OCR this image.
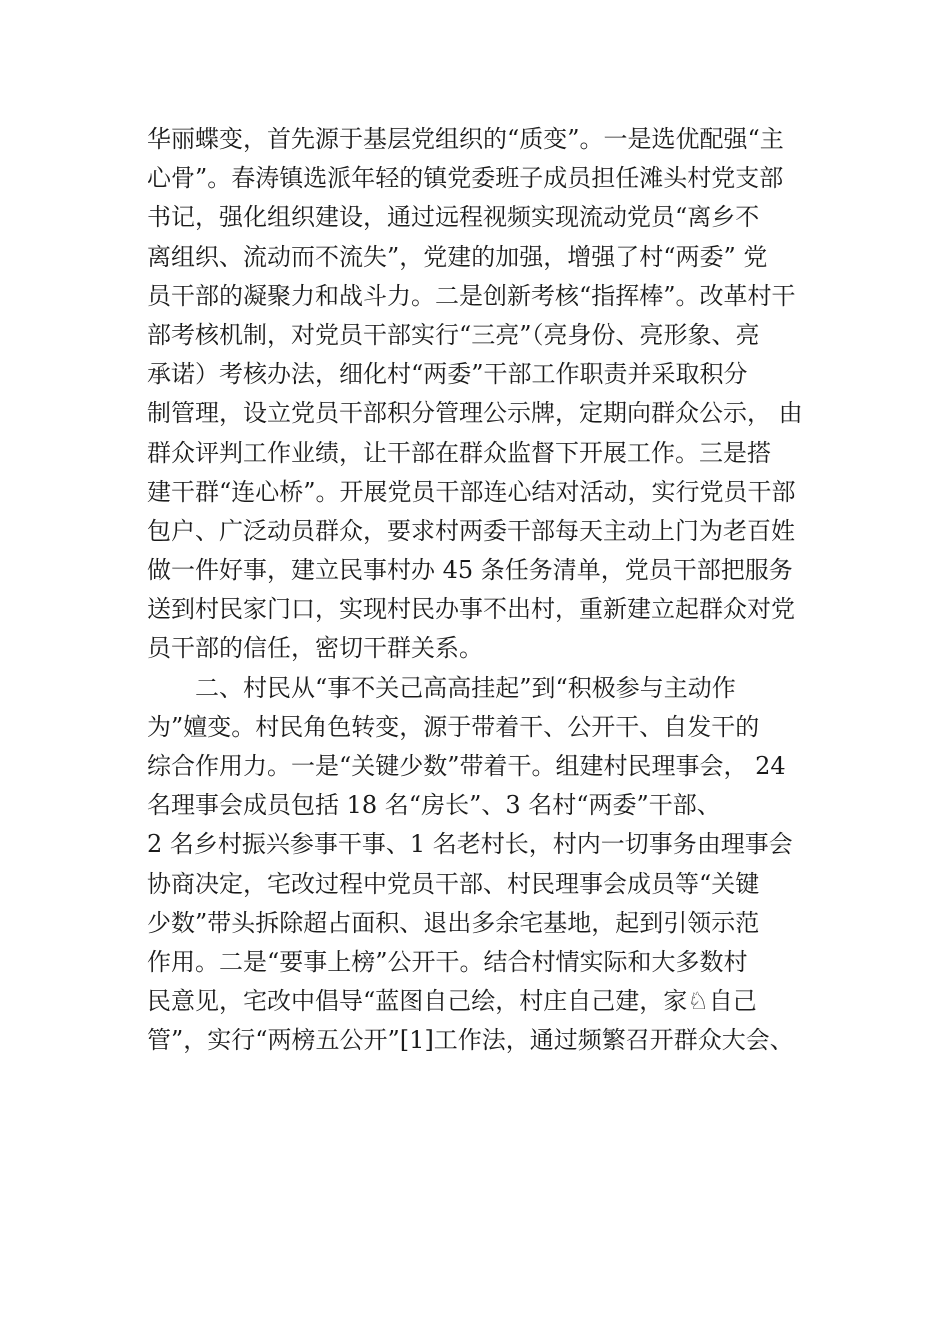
华丽蝶变，首先源于基层党组织的“质变”。一是选优配强“主
心骨”。春涛镇选派年轻的镇党委班子成员担任滩头村党支部
书记，强化组织建设，通过远程视频实现流动党员“离乡不
离组织、流动而不流失”，党建的加强，增强了村“两委” 党
员干部的凝聚力和战斗力。二是创新考核“指挥棒”。改革村干
部考核机制，对党员干部实行“三亮”（亮身份、亮形象、亮
承诺）考核办法，细化村“两委”干部工作职责并采取积分
制管理，设立党员干部积分管理公示牌，定期向群众公示， 由
群众评判工作业绩，让干部在群众监督下开展工作。三是搭
建干群“连心桥”。开展党员干部连心结对活动，实行党员干部
包户、广泛动员群众，要求村两委干部每天主动上门为老百姓
做一件好事，建立民事村办 45 条任务清单，党员干部把服务
送到村民家门口，实现村民办事不出村，重新建立起群众对党
员干部的信任，密切干群关系。
二、村民从“事不关己高高挂起”到“积极参与主动作
为”嬗变。村民角色转变，源于带着干、公开干、自发干的
综合作用力。一是“关键少数”带着干。组建村民理事会， 24
名理事会成员包括 18 名“房长”、3 名村“两委”干部、
2 名乡村振兴参事干事、1 名老村长，村内一切事务由理事会
协商决定，宅改过程中党员干部、村民理事会成员等“关键
少数”带头拆除超占面积、退出多余宅基地，起到引领示范
作用。二是“要事上榜”公开干。结合村情实际和大多数村
民意见，宅改中倡导“蓝图自己绘，村庄自己建，家♘自己
管”，实行“两榜五公开”[1]工作法，通过频繁召开群众大会、
